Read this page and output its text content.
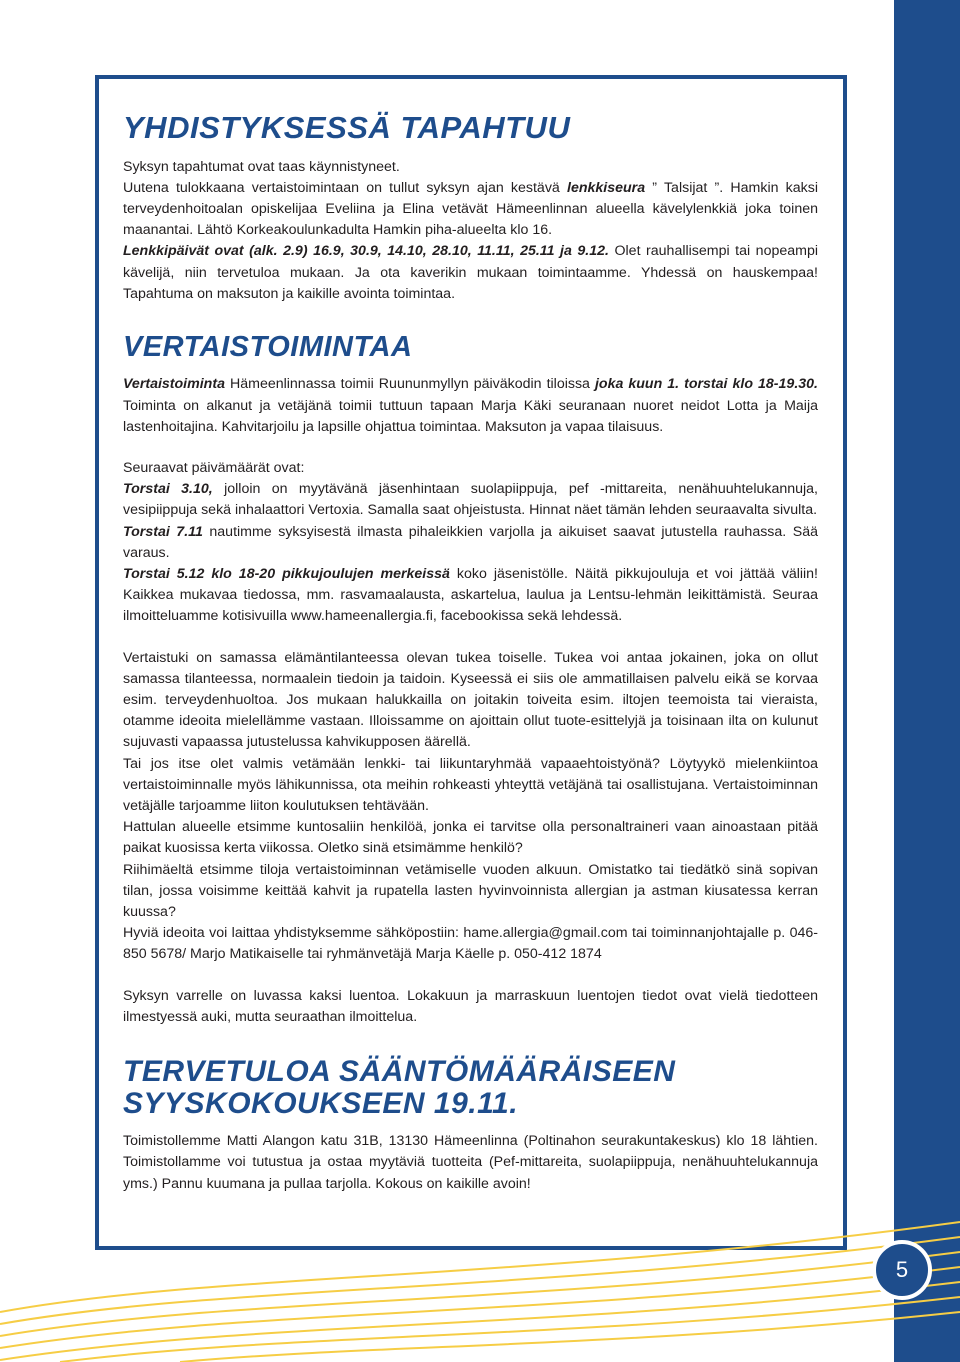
YHDISTYKSESSÄ TAPAHTUU

Syksyn tapahtumat ovat taas käynnistyneet.

Uutena tulokkaana vertaistoimintaan on tullut syksyn ajan kestävä lenkkiseura ” Talsijat ”. Hamkin kaksi terveydenhoitoalan opiskelijaa Eveliina ja Elina vetävät Hämeenlinnan alueella kävelylenkkiä joka toinen maanantai. Lähtö Korkeakoulunkadulta Hamkin piha-alueelta klo 16.

Lenkkipäivät ovat (alk. 2.9) 16.9, 30.9, 14.10, 28.10, 11.11, 25.11 ja 9.12. Olet rauhallisempi tai nopeampi kävelijä, niin tervetuloa mukaan. Ja ota kaverikin mukaan toimintaamme. Yhdessä on hauskempaa! Tapahtuma on maksuton ja kaikille avointa toimintaa.

VERTAISTOIMINTAA

Vertaistoiminta Hämeenlinnassa toimii Ruununmyllyn päiväkodin tiloissa joka kuun 1. torstai klo 18-19.30. Toiminta on alkanut ja vetäjänä toimii tuttuun tapaan Marja Käki seuranaan nuoret neidot Lotta ja Maija lastenhoitajina. Kahvitarjoilu ja lapsille ohjattua toimintaa. Maksuton ja vapaa tilaisuus.

Seuraavat päivämäärät ovat:

Torstai 3.10, jolloin on myytävänä jäsenhintaan suolapiippuja, pef -mittareita, nenähuuhtelukannuja, vesipiippuja sekä inhalaattori Vertoxia. Samalla saat ohjeistusta. Hinnat näet tämän lehden seuraavalta sivulta.

Torstai 7.11 nautimme syksyisestä ilmasta pihaleikkien varjolla ja aikuiset saavat jutustella rauhassa. Sää varaus.

Torstai 5.12 klo 18-20 pikkujoulujen merkeissä koko jäsenistölle. Näitä pikkujouluja et voi jättää väliin! Kaikkea mukavaa tiedossa, mm. rasvamaalausta, askartelua, laulua ja Lentsu-lehmän leikittämistä. Seuraa ilmoitteluamme kotisivuilla www.hameenallergia.fi, facebookissa sekä lehdessä.

Vertaistuki on samassa elämäntilanteessa olevan tukea toiselle. Tukea voi antaa jokainen, joka on ollut samassa tilanteessa, normaalein tiedoin ja taidoin. Kyseessä ei siis ole ammatillaisen palvelu eikä se korvaa esim. terveydenhuoltoa. Jos mukaan halukkailla on joitakin toiveita esim. iltojen teemoista tai vieraista, otamme ideoita mielellämme vastaan. Illoissamme on ajoittain ollut tuote-esittelyjä ja toisinaan ilta on kulunut sujuvasti vapaassa jutustelussa kahvikupposen äärellä.

Tai jos itse olet valmis vetämään lenkki- tai liikuntaryhmää vapaaehtoistyönä? Löytyykö mielenkiintoa vertaistoiminnalle myös lähikunnissa, ota meihin rohkeasti yhteyttä vetäjänä tai osallistujana. Vertaistoiminnan vetäjälle tarjoamme liiton koulutuksen tehtävään.

Hattulan alueelle etsimme kuntosaliin henkilöä, jonka ei tarvitse olla personaltraineri vaan ainoastaan pitää paikat kuosissa kerta viikossa. Oletko sinä etsimämme henkilö?

Riihimäeltä etsimme tiloja vertaistoiminnan vetämiselle vuoden alkuun. Omistatko tai tiedätkö sinä sopivan tilan, jossa voisimme keittää kahvit ja rupatella lasten hyvinvoinnista allergian ja astman kiusatessa kerran kuussa?

Hyviä ideoita voi laittaa yhdistyksemme sähköpostiin: hame.allergia@gmail.com tai toiminnanjohtajalle p. 046-850 5678/ Marjo Matikaiselle tai ryhmänvetäjä Marja Käelle p. 050-412 1874

Syksyn varrelle on luvassa kaksi luentoa. Lokakuun ja marraskuun luentojen tiedot ovat vielä tiedotteen ilmestyessä auki, mutta seuraathan ilmoittelua.

TERVETULOA SÄÄNTÖMÄÄRÄISEEN
SYYSKOKOUKSEEN 19.11.

Toimistollemme Matti Alangon katu 31B, 13130 Hämeenlinna (Poltinahon seurakuntakeskus) klo 18 lähtien. Toimistollamme voi tutustua ja ostaa myytäviä tuotteita (Pef-mittareita, suolapiippuja, nenähuuhtelukannuja yms.) Pannu kuumana ja pullaa tarjolla. Kokous on kaikille avoin!

5
